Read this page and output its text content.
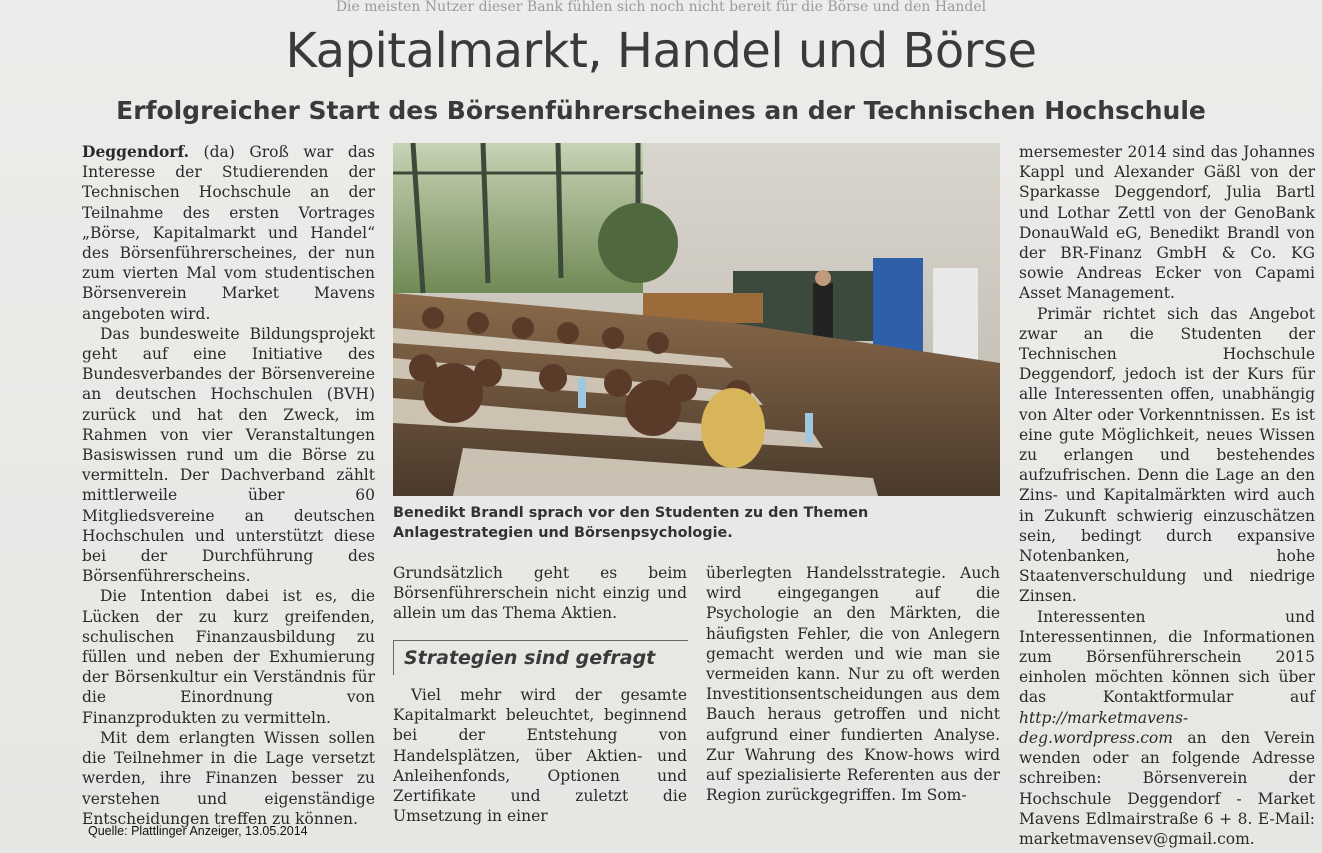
Die meisten Nutzer dieser Bank fühlen sich noch nicht bereit für die Börse und den Handel
Kapitalmarkt, Handel und Börse
Erfolgreicher Start des Börsenführerscheines an der Technischen Hochschule

Deggendorf. (da) Groß war das Interesse der Studierenden der Technischen Hochschule an der Teilnahme des ersten Vortrages „Börse, Kapitalmarkt und Handel“ des Börsenführerscheines, der nun zum vierten Mal vom studentischen Börsenverein Market Mavens angeboten wird.

Das bundesweite Bildungsprojekt geht auf eine Initiative des Bundesverbandes der Börsenvereine an deutschen Hochschulen (BVH) zurück und hat den Zweck, im Rahmen von vier Veranstaltungen Basiswissen rund um die Börse zu vermitteln. Der Dachverband zählt mittlerweile über 60 Mitgliedsvereine an deutschen Hochschulen und unterstützt diese bei der Durchführung des Börsenführerscheins.

Die Intention dabei ist es, die Lücken der zu kurz greifenden, schulischen Finanzausbildung zu füllen und neben der Exhumierung der Börsenkultur ein Verständnis für die Einordnung von Finanzprodukten zu vermitteln.

Mit dem erlangten Wissen sollen die Teilnehmer in die Lage versetzt werden, ihre Finanzen besser zu verstehen und eigenständige Entscheidungen treffen zu können.

Benedikt Brandl sprach vor den Studenten zu den Themen Anlagestrategien und Börsenpsychologie.

Grundsätzlich geht es beim Börsenführerschein nicht einzig und allein um das Thema Aktien.

Strategien sind gefragt

Viel mehr wird der gesamte Kapitalmarkt beleuchtet, beginnend bei der Entstehung von Handelsplätzen, über Aktien- und Anleihenfonds, Optionen und Zertifikate und zuletzt die Umsetzung in einer

überlegten Handelsstrategie. Auch wird eingegangen auf die Psychologie an den Märkten, die häufigsten Fehler, die von Anlegern gemacht werden und wie man sie vermeiden kann. Nur zu oft werden Investitionsentscheidungen aus dem Bauch heraus getroffen und nicht aufgrund einer fundierten Analyse. Zur Wahrung des Know-hows wird auf spezialisierte Referenten aus der Region zurückgegriffen. Im Som-

mersemester 2014 sind das Johannes Kappl und Alexander Gäßl von der Sparkasse Deggendorf, Julia Bartl und Lothar Zettl von der GenoBank DonauWald eG, Benedikt Brandl von der BR-Finanz GmbH & Co. KG sowie Andreas Ecker von Capami Asset Management.

Primär richtet sich das Angebot zwar an die Studenten der Technischen Hochschule Deggendorf, jedoch ist der Kurs für alle Interessenten offen, unabhängig von Alter oder Vorkenntnissen. Es ist eine gute Möglichkeit, neues Wissen zu erlangen und bestehendes aufzufrischen. Denn die Lage an den Zins- und Kapitalmärkten wird auch in Zukunft schwierig einzuschätzen sein, bedingt durch expansive Notenbanken, hohe Staatenverschuldung und niedrige Zinsen.

Interessenten und Interessentinnen, die Informationen zum Börsenführerschein 2015 einholen möchten können sich über das Kontaktformular auf http://marketmavens-deg.wordpress.com an den Verein wenden oder an folgende Adresse schreiben: Börsenverein der Hochschule Deggendorf - Market Mavens Edlmairstraße 6 + 8. E-Mail: marketmavensev@gmail.com.

Quelle: Plattlinger Anzeiger, 13.05.2014
